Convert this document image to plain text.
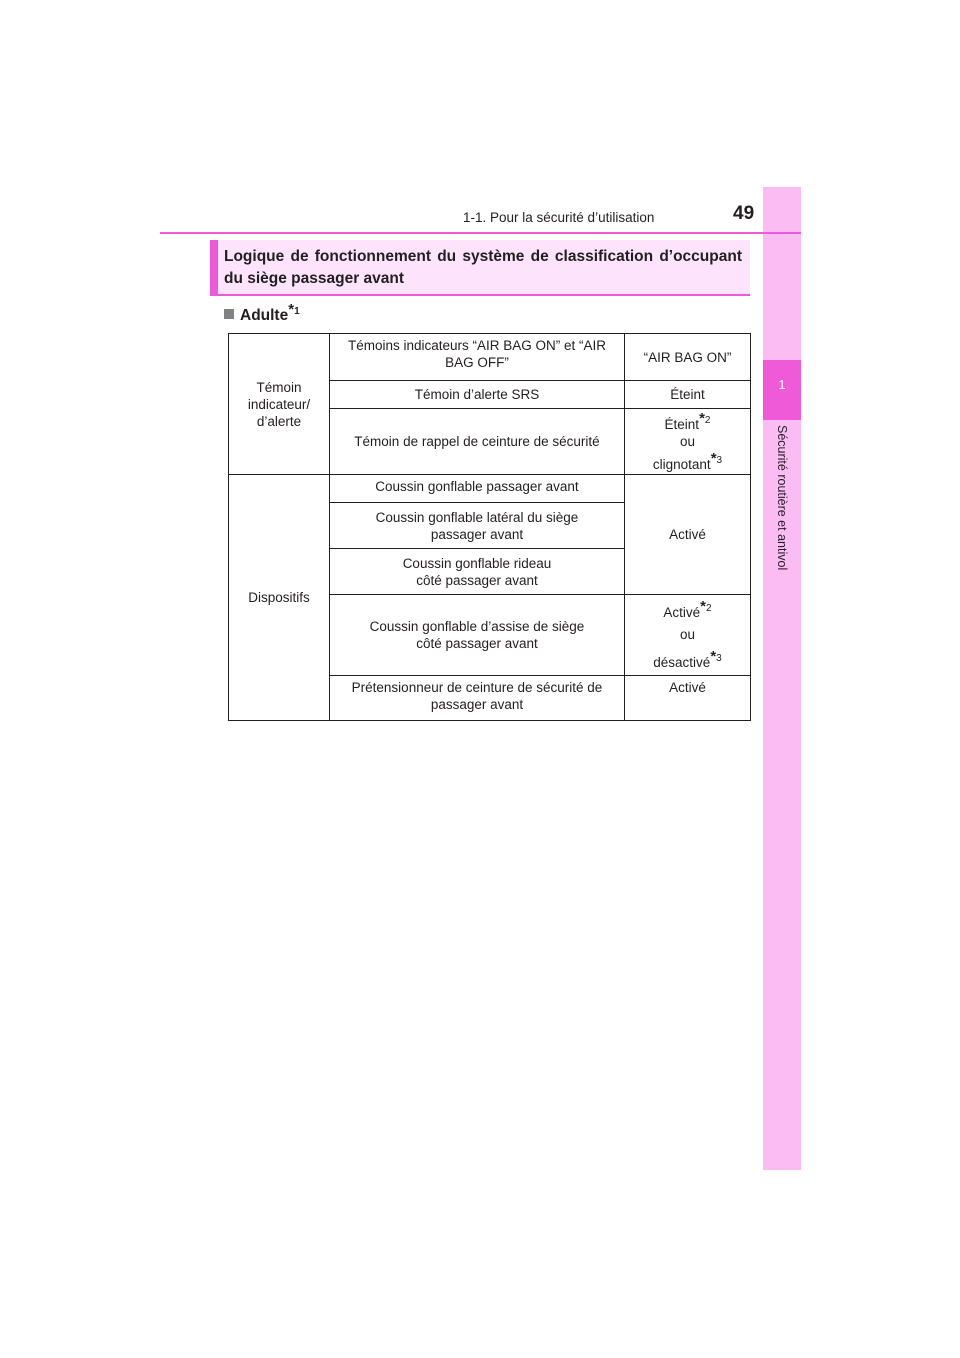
1
Sécurité routière et antivol
1-1. Pour la sécurité d’utilisation	49
Logique de fonctionnement du système de classification d’occupant du siège passager avant
Adulte$^{*1}$
Témoin indicateur/ d’alerte	Témoins indicateurs “AIR BAG ON” et “AIR BAG OFF”	“AIR BAG ON”
	Témoin d’alerte SRS	Éteint
	Témoin de rappel de ceinture de sécurité	Éteint$^{*2}$
ou
clignotant$^{*3}$

Dispositifs	Coussin gonflable passager avant	Activé
	Coussin gonflable latéral du siège passager avant	
	Coussin gonflable rideau côté passager avant	
	Coussin gonflable d’assise de siège côté passager avant	Activé$^{*2}$
ou
désactivé$^{*3}$

	Prétensionneur de ceinture de sécurité de passager avant	Activé
